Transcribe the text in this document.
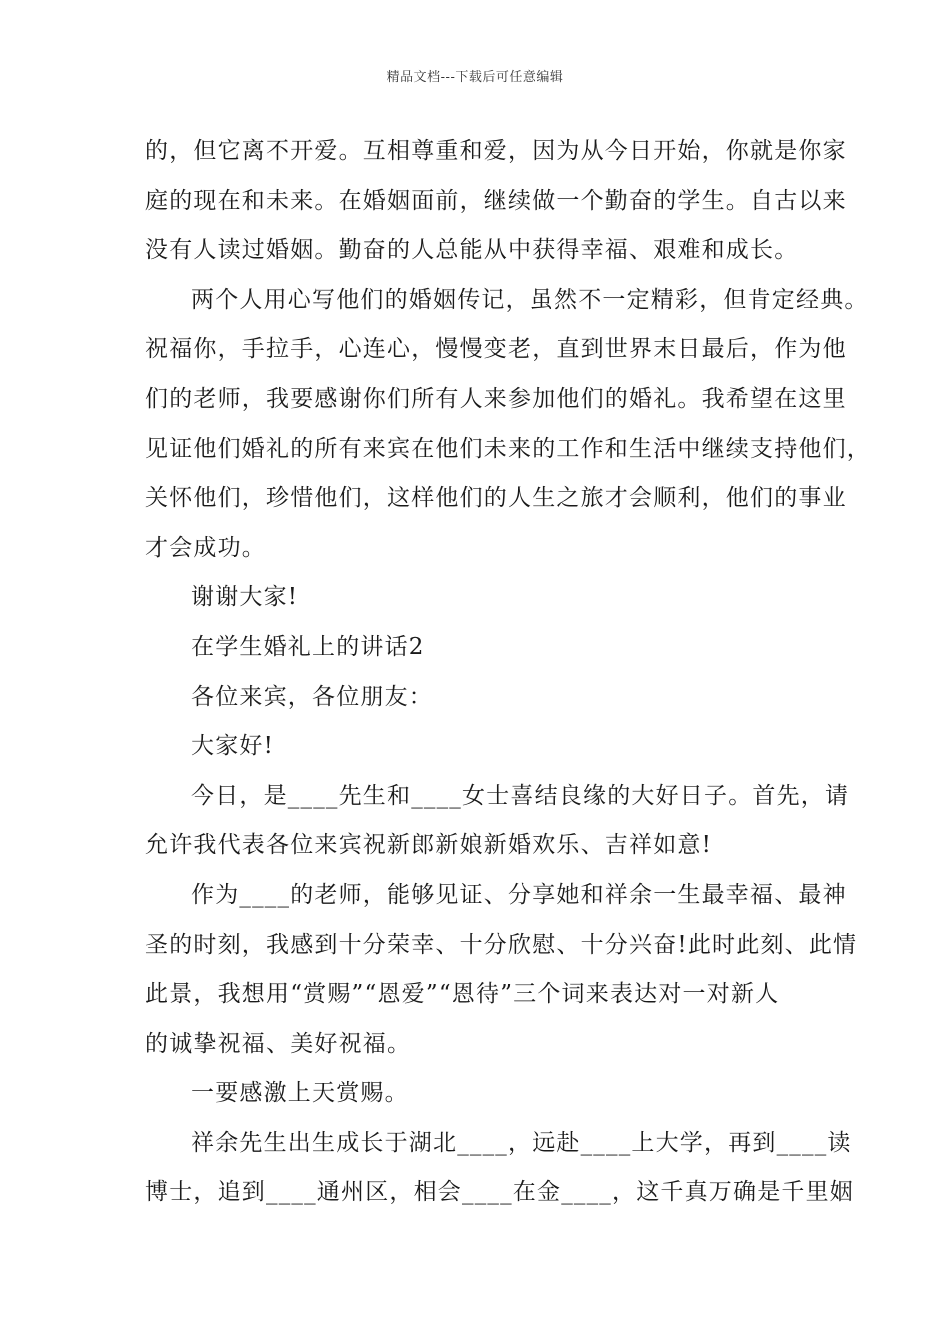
精品文档---下载后可任意编辑
的，但它离不开爱。互相尊重和爱，因为从今日开始，你就是你家
庭的现在和未来。在婚姻面前，继续做一个勤奋的学生。自古以来
没有人读过婚姻。勤奋的人总能从中获得幸福、艰难和成长。
两个人用心写他们的婚姻传记，虽然不一定精彩，但肯定经典。
祝福你，手拉手，心连心，慢慢变老，直到世界末日最后，作为他
们的老师，我要感谢你们所有人来参加他们的婚礼。我希望在这里
见证他们婚礼的所有来宾在他们未来的工作和生活中继续支持他们，
关怀他们，珍惜他们，这样他们的人生之旅才会顺利，他们的事业
才会成功。
谢谢大家!
在学生婚礼上的讲话2
各位来宾，各位朋友：
大家好!
今日，是____先生和____女士喜结良缘的大好日子。首先，请
允许我代表各位来宾祝新郎新娘新婚欢乐、吉祥如意!
作为____的老师，能够见证、分享她和祥余一生最幸福、最神
圣的时刻，我感到十分荣幸、十分欣慰、十分兴奋!此时此刻、此情
此景，我想用“赏赐”“恩爱”“恩待”三个词来表达对一对新人
的诚挚祝福、美好祝福。
一要感激上天赏赐。
祥余先生出生成长于湖北____，远赴____上大学，再到____读
博士，追到____通州区，相会____在金____，这千真万确是千里姻
